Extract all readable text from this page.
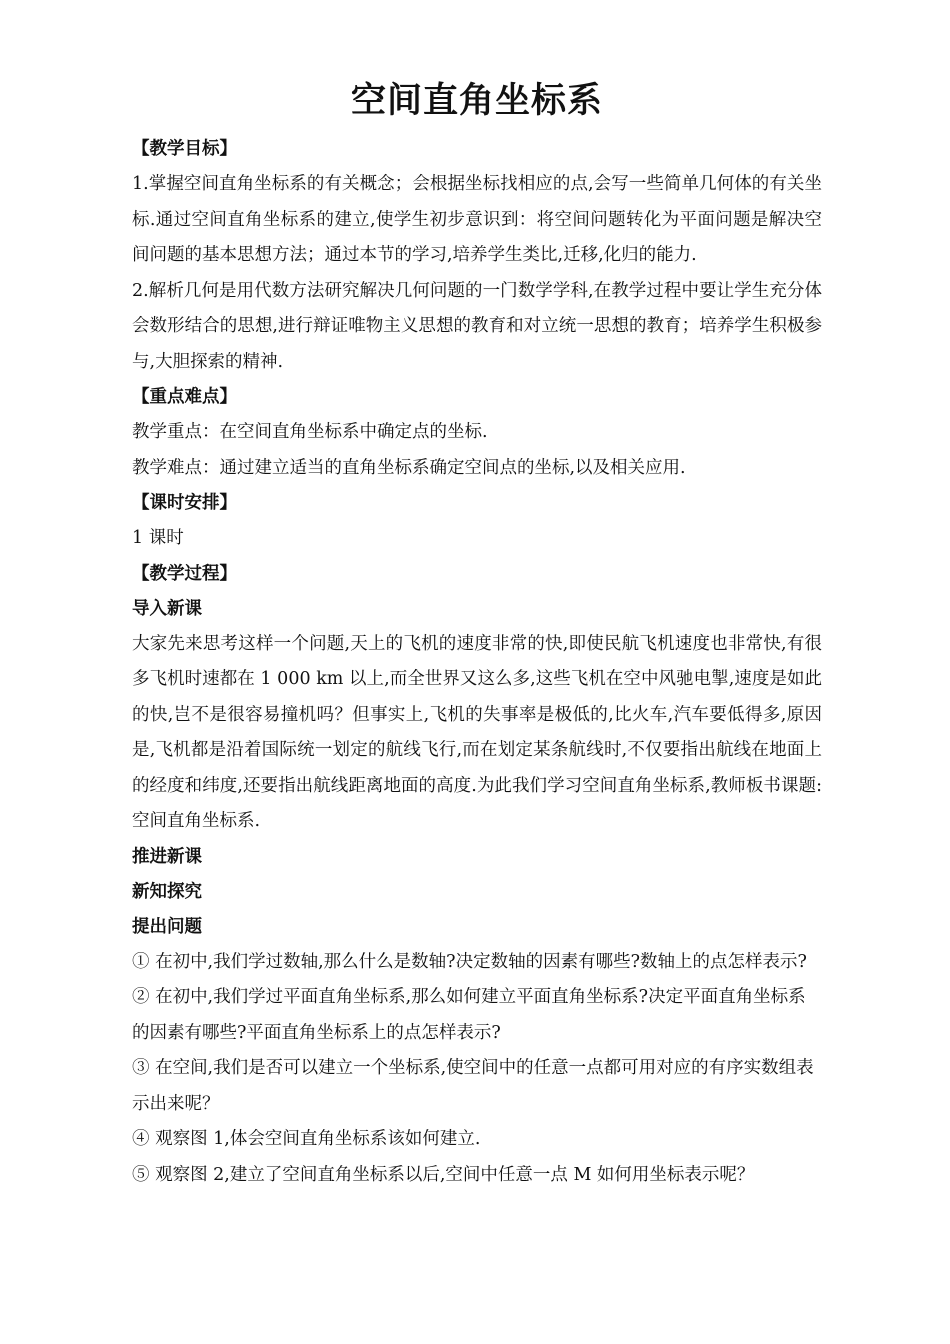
空间直角坐标系

【教学目标】

1.掌握空间直角坐标系的有关概念；会根据坐标找相应的点,会写一些简单几何体的有关坐标.通过空间直角坐标系的建立,使学生初步意识到：将空间问题转化为平面问题是解决空间问题的基本思想方法；通过本节的学习,培养学生类比,迁移,化归的能力.

2.解析几何是用代数方法研究解决几何问题的一门数学学科,在教学过程中要让学生充分体会数形结合的思想,进行辩证唯物主义思想的教育和对立统一思想的教育；培养学生积极参与,大胆探索的精神.

【重点难点】

教学重点：在空间直角坐标系中确定点的坐标.

教学难点：通过建立适当的直角坐标系确定空间点的坐标,以及相关应用.

【课时安排】

1 课时

【教学过程】

导入新课

大家先来思考这样一个问题,天上的飞机的速度非常的快,即使民航飞机速度也非常快,有很多飞机时速都在 1 000 km 以上,而全世界又这么多,这些飞机在空中风驰电掣,速度是如此的快,岂不是很容易撞机吗？但事实上,飞机的失事率是极低的,比火车,汽车要低得多,原因是,飞机都是沿着国际统一划定的航线飞行,而在划定某条航线时,不仅要指出航线在地面上的经度和纬度,还要指出航线距离地面的高度.为此我们学习空间直角坐标系,教师板书课题:空间直角坐标系.

推进新课

新知探究

提出问题

① 在初中,我们学过数轴,那么什么是数轴?决定数轴的因素有哪些?数轴上的点怎样表示?

② 在初中,我们学过平面直角坐标系,那么如何建立平面直角坐标系?决定平面直角坐标系的因素有哪些?平面直角坐标系上的点怎样表示?

③ 在空间,我们是否可以建立一个坐标系,使空间中的任意一点都可用对应的有序实数组表示出来呢？

④ 观察图 1,体会空间直角坐标系该如何建立.

⑤ 观察图 2,建立了空间直角坐标系以后,空间中任意一点 M 如何用坐标表示呢？
